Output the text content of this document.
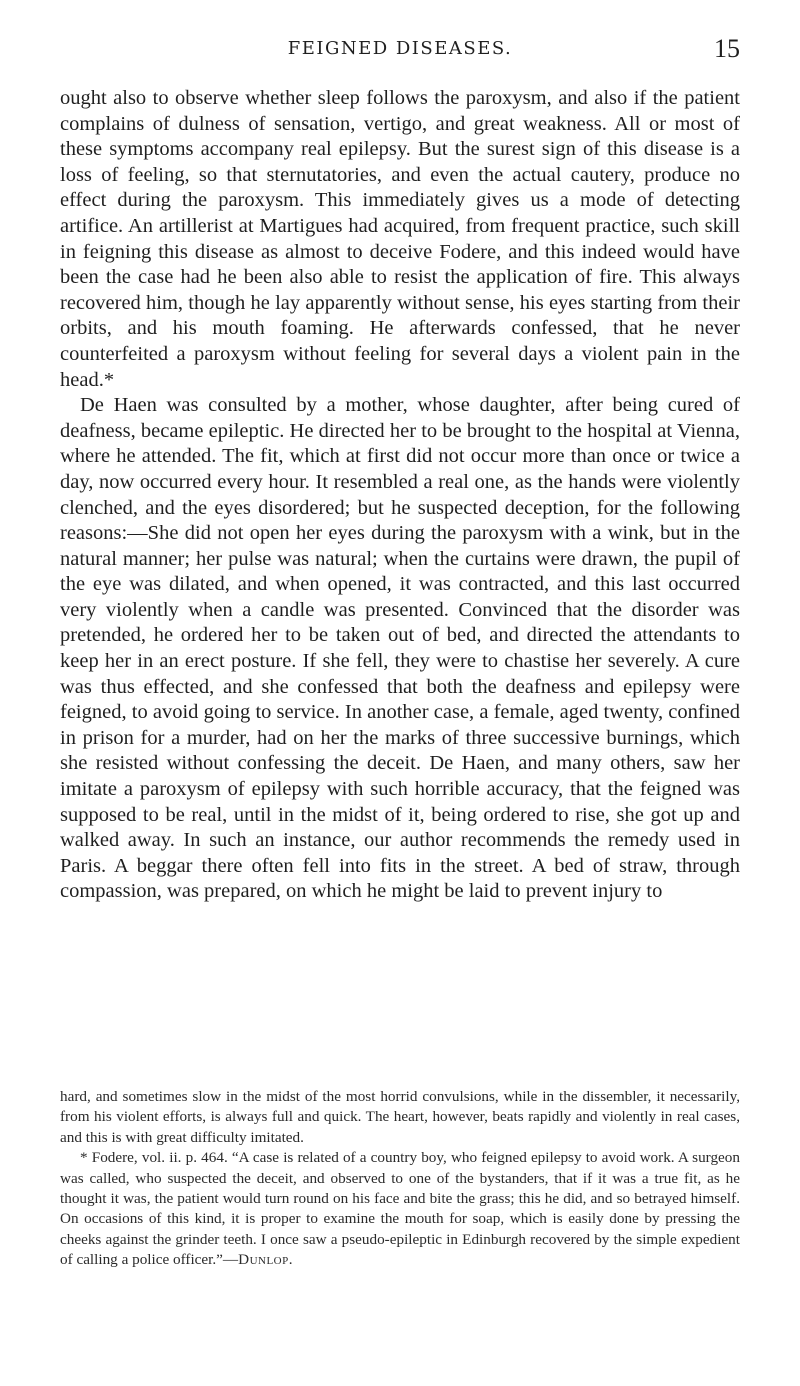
FEIGNED DISEASES.	15

ought also to observe whether sleep follows the paroxysm, and also if the patient complains of dulness of sensation, vertigo, and great weakness. All or most of these symptoms accompany real epilepsy. But the surest sign of this disease is a loss of feeling, so that sternutatories, and even the actual cautery, produce no effect during the paroxysm. This immediately gives us a mode of detecting artifice. An artillerist at Martigues had acquired, from frequent practice, such skill in feigning this disease as almost to deceive Fodere, and this indeed would have been the case had he been also able to resist the application of fire. This always recovered him, though he lay apparently without sense, his eyes starting from their orbits, and his mouth foaming. He afterwards confessed, that he never counterfeited a paroxysm without feeling for several days a violent pain in the head.*

De Haen was consulted by a mother, whose daughter, after being cured of deafness, became epileptic. He directed her to be brought to the hospital at Vienna, where he attended. The fit, which at first did not occur more than once or twice a day, now occurred every hour. It resembled a real one, as the hands were violently clenched, and the eyes disordered; but he suspected deception, for the following reasons:—She did not open her eyes during the paroxysm with a wink, but in the natural manner; her pulse was natural; when the curtains were drawn, the pupil of the eye was dilated, and when opened, it was contracted, and this last occurred very violently when a candle was presented. Convinced that the disorder was pretended, he ordered her to be taken out of bed, and directed the attendants to keep her in an erect posture. If she fell, they were to chastise her severely. A cure was thus effected, and she confessed that both the deafness and epilepsy were feigned, to avoid going to service. In another case, a female, aged twenty, confined in prison for a murder, had on her the marks of three successive burnings, which she resisted without confessing the deceit. De Haen, and many others, saw her imitate a paroxysm of epilepsy with such horrible accuracy, that the feigned was supposed to be real, until in the midst of it, being ordered to rise, she got up and walked away. In such an instance, our author recommends the remedy used in Paris. A beggar there often fell into fits in the street. A bed of straw, through compassion, was prepared, on which he might be laid to prevent injury to

hard, and sometimes slow in the midst of the most horrid convulsions, while in the dissembler, it necessarily, from his violent efforts, is always full and quick. The heart, however, beats rapidly and violently in real cases, and this is with great difficulty imitated.

* Fodere, vol. ii. p. 464. “A case is related of a country boy, who feigned epilepsy to avoid work. A surgeon was called, who suspected the deceit, and observed to one of the bystanders, that if it was a true fit, as he thought it was, the patient would turn round on his face and bite the grass; this he did, and so betrayed himself. On occasions of this kind, it is proper to examine the mouth for soap, which is easily done by pressing the cheeks against the grinder teeth. I once saw a pseudo-epileptic in Edinburgh recovered by the simple expedient of calling a police officer.”—Dunlop.
